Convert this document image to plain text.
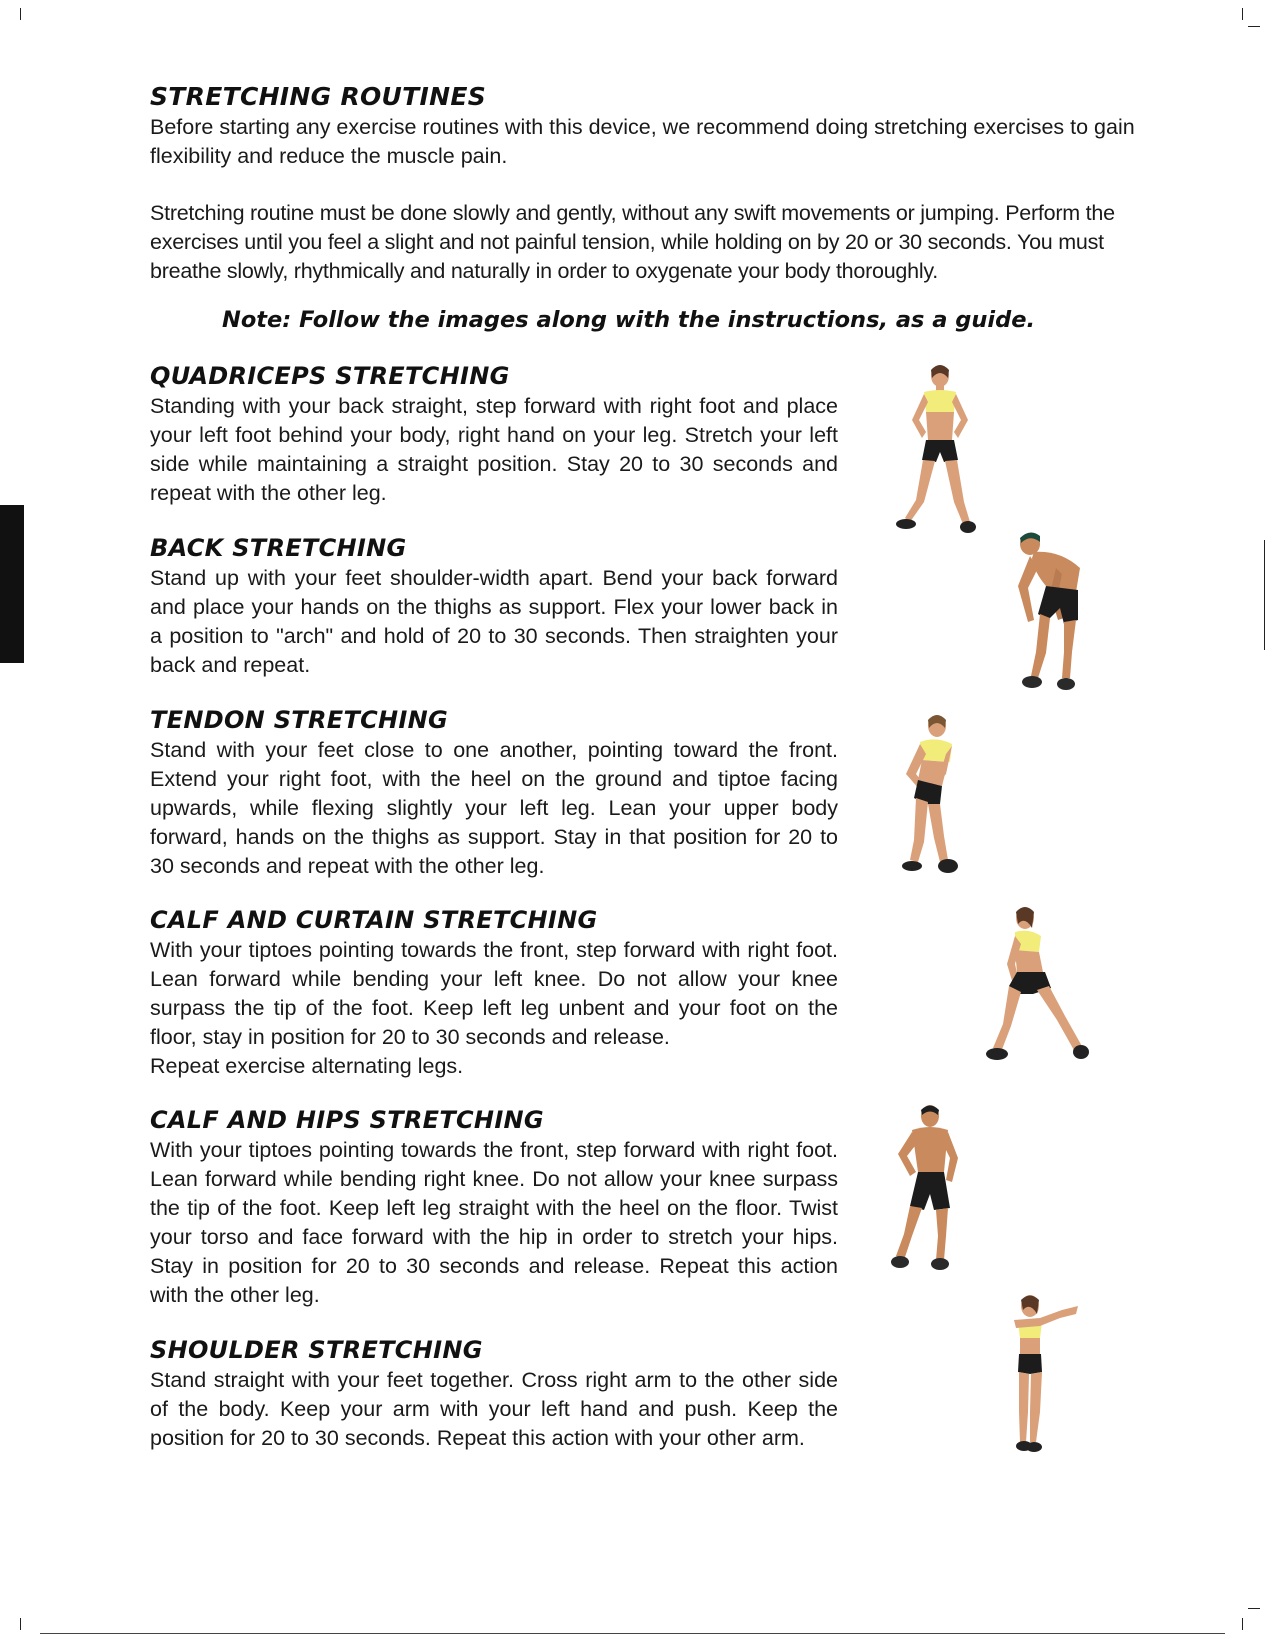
STRETCHING ROUTINES

Before starting any exercise routines with this device, we recommend doing stretching exercises to gain flexibility and reduce the muscle pain.

Stretching routine must be done slowly and gently, without any swift movements or jumping. Perform the exercises until you feel a slight and not painful tension, while holding on by 20 or 30 seconds. You must breathe slowly, rhythmically and naturally in order to oxygenate your body thoroughly.

Note: Follow the images along with the instructions, as a guide.

QUADRICEPS STRETCHING

Standing with your back straight, step forward with right foot and place your left foot behind your body, right hand on your leg. Stretch your left side while maintaining a straight position. Stay 20 to 30 seconds and repeat with the other leg.

BACK STRETCHING

Stand up with your feet shoulder-width apart. Bend your back forward and place your hands on the thighs as support. Flex your lower back in a position to "arch" and hold of 20 to 30 seconds. Then straighten your back and repeat.

TENDON STRETCHING

Stand with your feet close to one another, pointing toward the front. Extend your right foot, with the heel on the ground and tiptoe facing upwards, while flexing slightly your left leg. Lean your upper body forward, hands on the thighs as support. Stay in that position for 20 to 30 seconds and repeat with the other leg.

CALF AND CURTAIN STRETCHING

With your tiptoes pointing towards the front, step forward with right foot. Lean forward while bending your left knee. Do not allow your knee surpass the tip of the foot. Keep left leg unbent and your foot on the floor, stay in position for 20 to 30 seconds and release.

Repeat exercise alternating legs.

CALF AND HIPS STRETCHING

With your tiptoes pointing towards the front, step forward with right foot. Lean forward while bending right knee. Do not allow your knee surpass the tip of the foot. Keep left leg straight with the heel on the floor. Twist your torso and face forward with the hip in order to stretch your hips. Stay in position for 20 to 30 seconds and release. Repeat this action with the other leg.

SHOULDER STRETCHING

Stand straight with your feet together. Cross right arm to the other side of the body. Keep your arm with your left hand and push. Keep the position for 20 to 30 seconds. Repeat this action with your other arm.
